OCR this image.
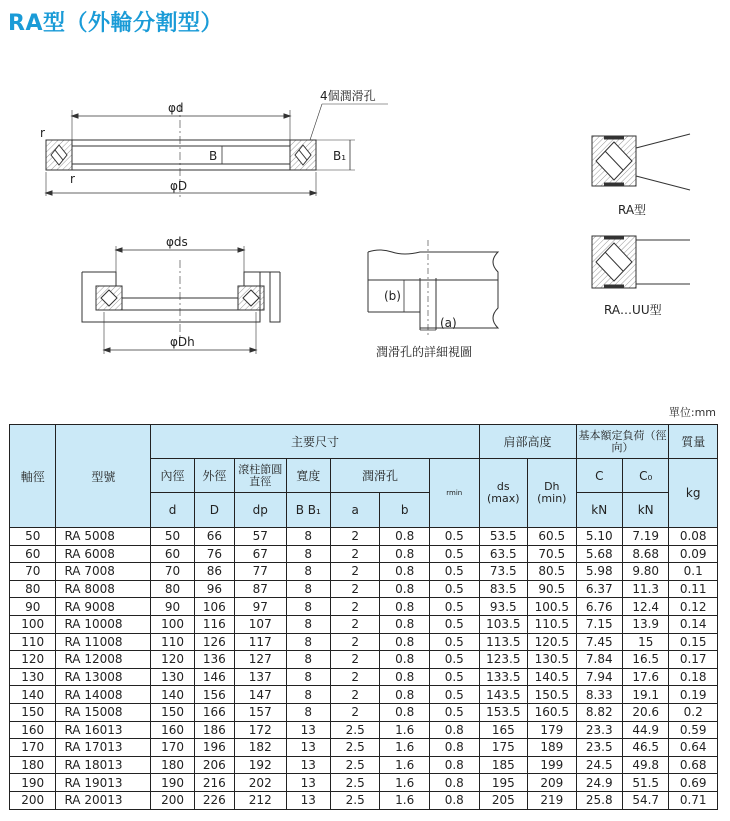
RA型（外輪分割型）
φd
B	B₁
φD
r
r
4個潤滑孔
φds
φDh
(b)
(a)
潤滑孔的詳細視圖
RA型
RA…UU型
單位:mm
軸徑	型號	主要尺寸							肩部高度		基本額定負荷（徑向）		質量
		內徑	外徑	滾柱節圓直徑	寬度	潤滑孔		rmin	ds (max)	Dh (min)	C	C₀	kg
		d	D	dp	B B₁	a	b				kN	kN	
50	RA 5008	50	66	57	8	2	0.8	0.5	53.5	60.5	5.10	7.19	0.08
60	RA 6008	60	76	67	8	2	0.8	0.5	63.5	70.5	5.68	8.68	0.09
70	RA 7008	70	86	77	8	2	0.8	0.5	73.5	80.5	5.98	9.80	0.1
80	RA 8008	80	96	87	8	2	0.8	0.5	83.5	90.5	6.37	11.3	0.11
90	RA 9008	90	106	97	8	2	0.8	0.5	93.5	100.5	6.76	12.4	0.12
100	RA 10008	100	116	107	8	2	0.8	0.5	103.5	110.5	7.15	13.9	0.14
110	RA 11008	110	126	117	8	2	0.8	0.5	113.5	120.5	7.45	15	0.15
120	RA 12008	120	136	127	8	2	0.8	0.5	123.5	130.5	7.84	16.5	0.17
130	RA 13008	130	146	137	8	2	0.8	0.5	133.5	140.5	7.94	17.6	0.18
140	RA 14008	140	156	147	8	2	0.8	0.5	143.5	150.5	8.33	19.1	0.19
150	RA 15008	150	166	157	8	2	0.8	0.5	153.5	160.5	8.82	20.6	0.2
160	RA 16013	160	186	172	13	2.5	1.6	0.8	165	179	23.3	44.9	0.59
170	RA 17013	170	196	182	13	2.5	1.6	0.8	175	189	23.5	46.5	0.64
180	RA 18013	180	206	192	13	2.5	1.6	0.8	185	199	24.5	49.8	0.68
190	RA 19013	190	216	202	13	2.5	1.6	0.8	195	209	24.9	51.5	0.69
200	RA 20013	200	226	212	13	2.5	1.6	0.8	205	219	25.8	54.7	0.71
